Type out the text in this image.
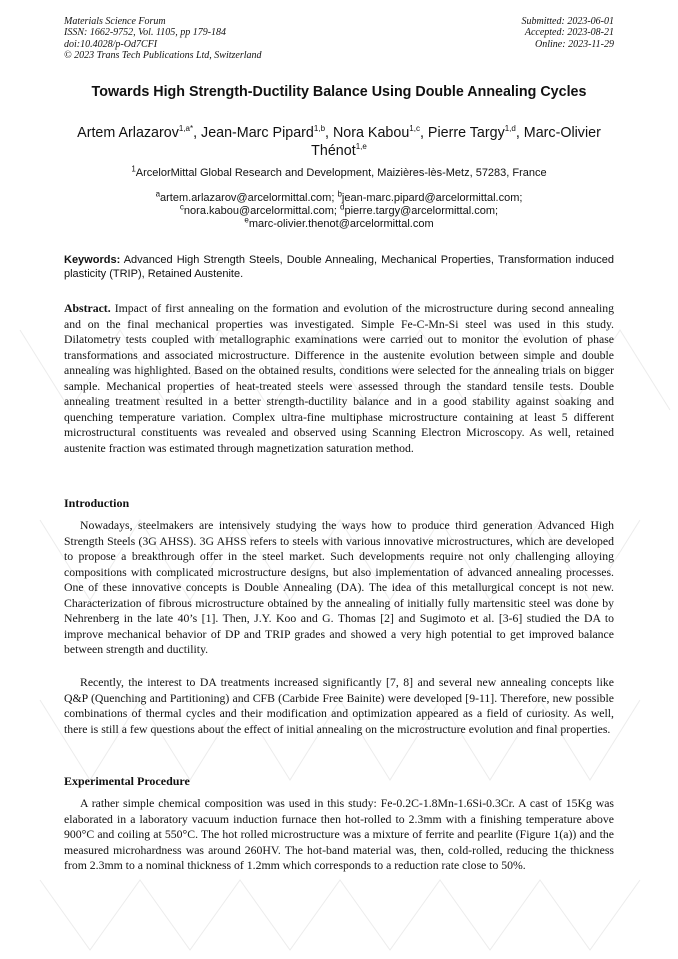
Materials Science Forum
ISSN: 1662-9752, Vol. 1105, pp 179-184
doi:10.4028/p-Od7CFI
© 2023 Trans Tech Publications Ltd, Switzerland
Submitted: 2023-06-01
Accepted: 2023-08-21
Online: 2023-11-29
Towards High Strength-Ductility Balance Using Double Annealing Cycles
Artem Arlazarov$^{1,a*}$, Jean-Marc Pipard$^{1,b}$, Nora Kabou$^{1,c}$, Pierre Targy$^{1,d}$, Marc-Olivier Thénot$^{1,e}$
$^1$ArcelorMittal Global Research and Development, Maizières-lès-Metz, 57283, France
$^a$artem.arlazarov@arcelormittal.com; $^b$jean-marc.pipard@arcelormittal.com;
$^c$nora.kabou@arcelormittal.com; $^d$pierre.targy@arcelormittal.com;
$^e$marc-olivier.thenot@arcelormittal.com
Keywords: Advanced High Strength Steels, Double Annealing, Mechanical Properties, Transformation induced plasticity (TRIP), Retained Austenite.
Abstract. Impact of first annealing on the formation and evolution of the microstructure during second annealing and on the final mechanical properties was investigated. Simple Fe-C-Mn-Si steel was used in this study. Dilatometry tests coupled with metallographic examinations were carried out to monitor the evolution of phase transformations and associated microstructure. Difference in the austenite evolution between simple and double annealing was highlighted. Based on the obtained results, conditions were selected for the annealing trials on bigger sample. Mechanical properties of heat-treated steels were assessed through the standard tensile tests. Double annealing treatment resulted in a better strength-ductility balance and in a good stability against soaking and quenching temperature variation. Complex ultra-fine multiphase microstructure containing at least 5 different microstructural constituents was revealed and observed using Scanning Electron Microscopy. As well, retained austenite fraction was estimated through magnetization saturation method.
Introduction
Nowadays, steelmakers are intensively studying the ways how to produce third generation Advanced High Strength Steels (3G AHSS). 3G AHSS refers to steels with various innovative microstructures, which are developed to propose a breakthrough offer in the steel market. Such developments require not only challenging alloying compositions with complicated microstructure designs, but also implementation of advanced annealing processes. One of these innovative concepts is Double Annealing (DA). The idea of this metallurgical concept is not new. Characterization of fibrous microstructure obtained by the annealing of initially fully martensitic steel was done by Nehrenberg in the late 40’s [1]. Then, J.Y. Koo and G. Thomas [2] and Sugimoto et al. [3-6] studied the DA to improve mechanical behavior of DP and TRIP grades and showed a very high potential to get improved balance between strength and ductility.
Recently, the interest to DA treatments increased significantly [7, 8] and several new annealing concepts like Q&P (Quenching and Partitioning) and CFB (Carbide Free Bainite) were developed [9-11]. Therefore, new possible combinations of thermal cycles and their modification and optimization appeared as a field of curiosity. As well, there is still a few questions about the effect of initial annealing on the microstructure evolution and final properties.
Experimental Procedure
A rather simple chemical composition was used in this study: Fe-0.2C-1.8Mn-1.6Si-0.3Cr. A cast of 15Kg was elaborated in a laboratory vacuum induction furnace then hot-rolled to 2.3mm with a finishing temperature above 900°C and coiling at 550°C. The hot rolled microstructure was a mixture of ferrite and pearlite (Figure 1(a)) and the measured microhardness was around 260HV. The hot-band material was, then, cold-rolled, reducing the thickness from 2.3mm to a nominal thickness of 1.2mm which corresponds to a reduction rate close to 50%.
